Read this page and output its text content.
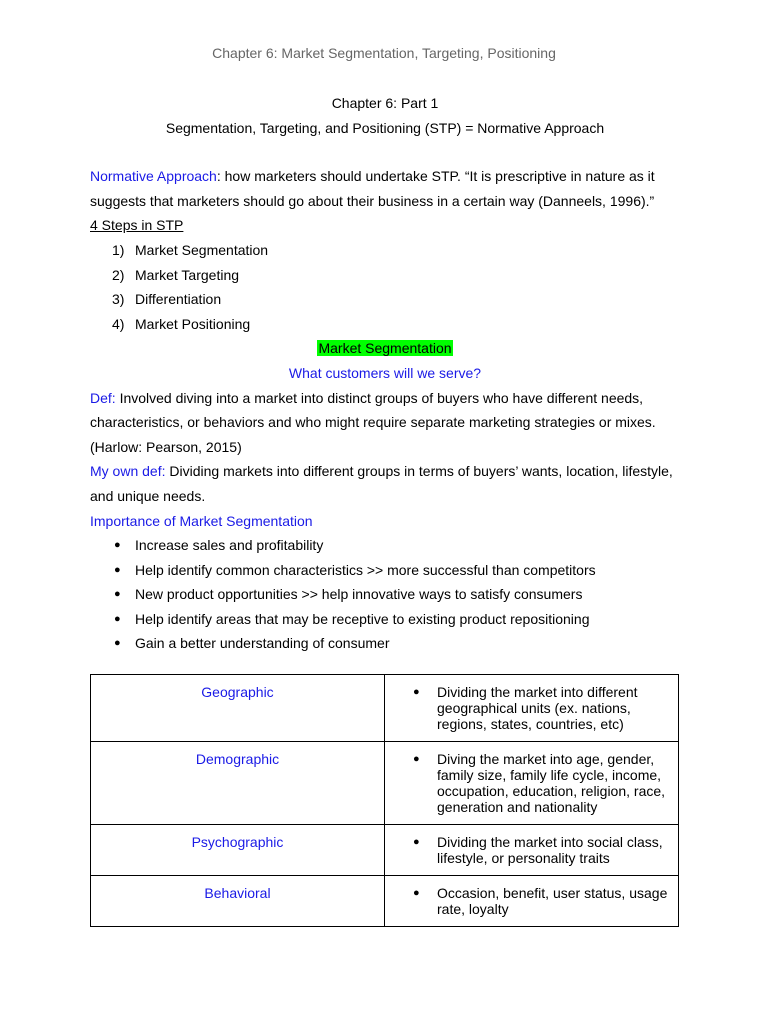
Chapter 6: Market Segmentation, Targeting, Positioning
Chapter 6: Part 1
Segmentation, Targeting, and Positioning (STP) = Normative Approach
Normative Approach: how marketers should undertake STP. “It is prescriptive in nature as it suggests that marketers should go about their business in a certain way (Danneels, 1996).”
4 Steps in STP
1) Market Segmentation
2) Market Targeting
3) Differentiation
4) Market Positioning
Market Segmentation
What customers will we serve?
Def: Involved diving into a market into distinct groups of buyers who have different needs, characteristics, or behaviors and who might require separate marketing strategies or mixes. (Harlow: Pearson, 2015)
My own def: Dividing markets into different groups in terms of buyers’ wants, location, lifestyle, and unique needs.
Importance of Market Segmentation
● Increase sales and profitability
● Help identify common characteristics >> more successful than competitors
● New product opportunities >> help innovative ways to satisfy consumers
● Help identify areas that may be receptive to existing product repositioning
● Gain a better understanding of consumer
Geographic	● Dividing the market into different geographical units (ex. nations, regions, states, countries, etc)

Demographic	● Diving the market into age, gender, family size, family life cycle, income, occupation, education, religion, race, generation and nationality

Psychographic	● Dividing the market into social class, lifestyle, or personality traits

Behavioral	● Occasion, benefit, user status, usage rate, loyalty
